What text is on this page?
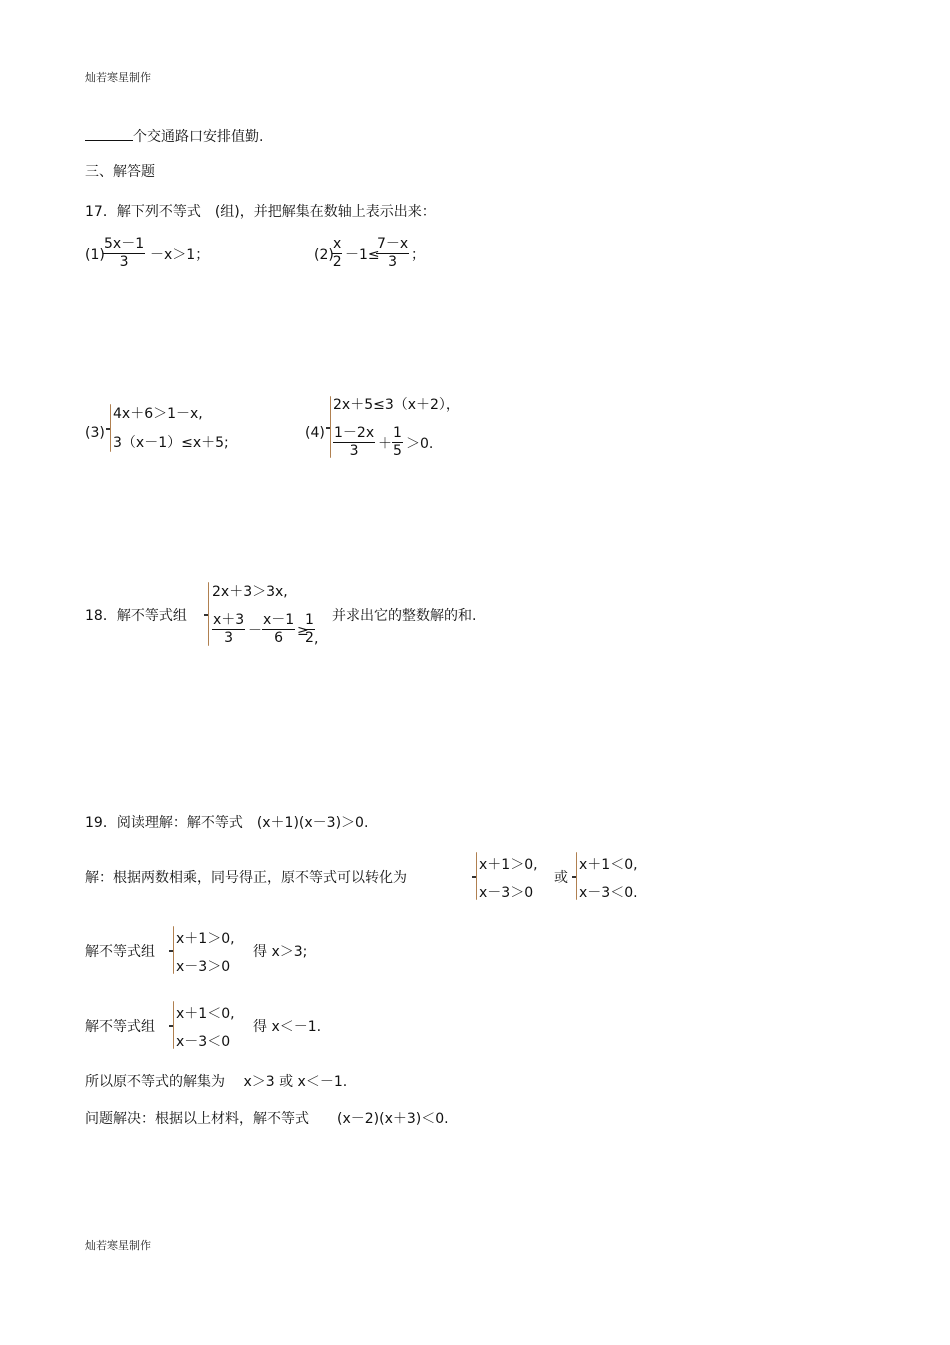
灿若寒星制作
个交通路口安排值勤.
三、解答题
17．解下列不等式　(组)，并把解集在数轴上表示出来：
(1)
$\frac{5x-1}{3} -x>1$；	(2)
$\frac{x}{2} -1\le$
$\frac{7-x}{3}$ ；
(3)
4x＋6＞1－x,
3（x－1）≤x＋5;
(4)
2x＋5≤3（x＋2），
$\frac{1-2x}{3} + \frac{1}{5} >0$.
18．解不等式组
2x＋3＞3x,
$\frac{x+3}{3} - \frac{x-1}{6}$ ≥
$\frac{1}{2}$ ,
并求出它的整数解的和.
19．阅读理解：解不等式　(x＋1)(x－3)＞0.
解：根据两数相乘，同号得正，原不等式可以转化为
x＋1＞0,
x－3＞0
或
x＋1＜0,
x－3＜0.
解不等式组
x＋1＞0,
x－3＞0
得 x＞3;
解不等式组
x＋1＜0,
x－3＜0
得 x＜－1.
所以原不等式的解集为　 x＞3 或 x＜－1.
问题解决：根据以上材料，解不等式　　(x－2)(x＋3)＜0.
灿若寒星制作
